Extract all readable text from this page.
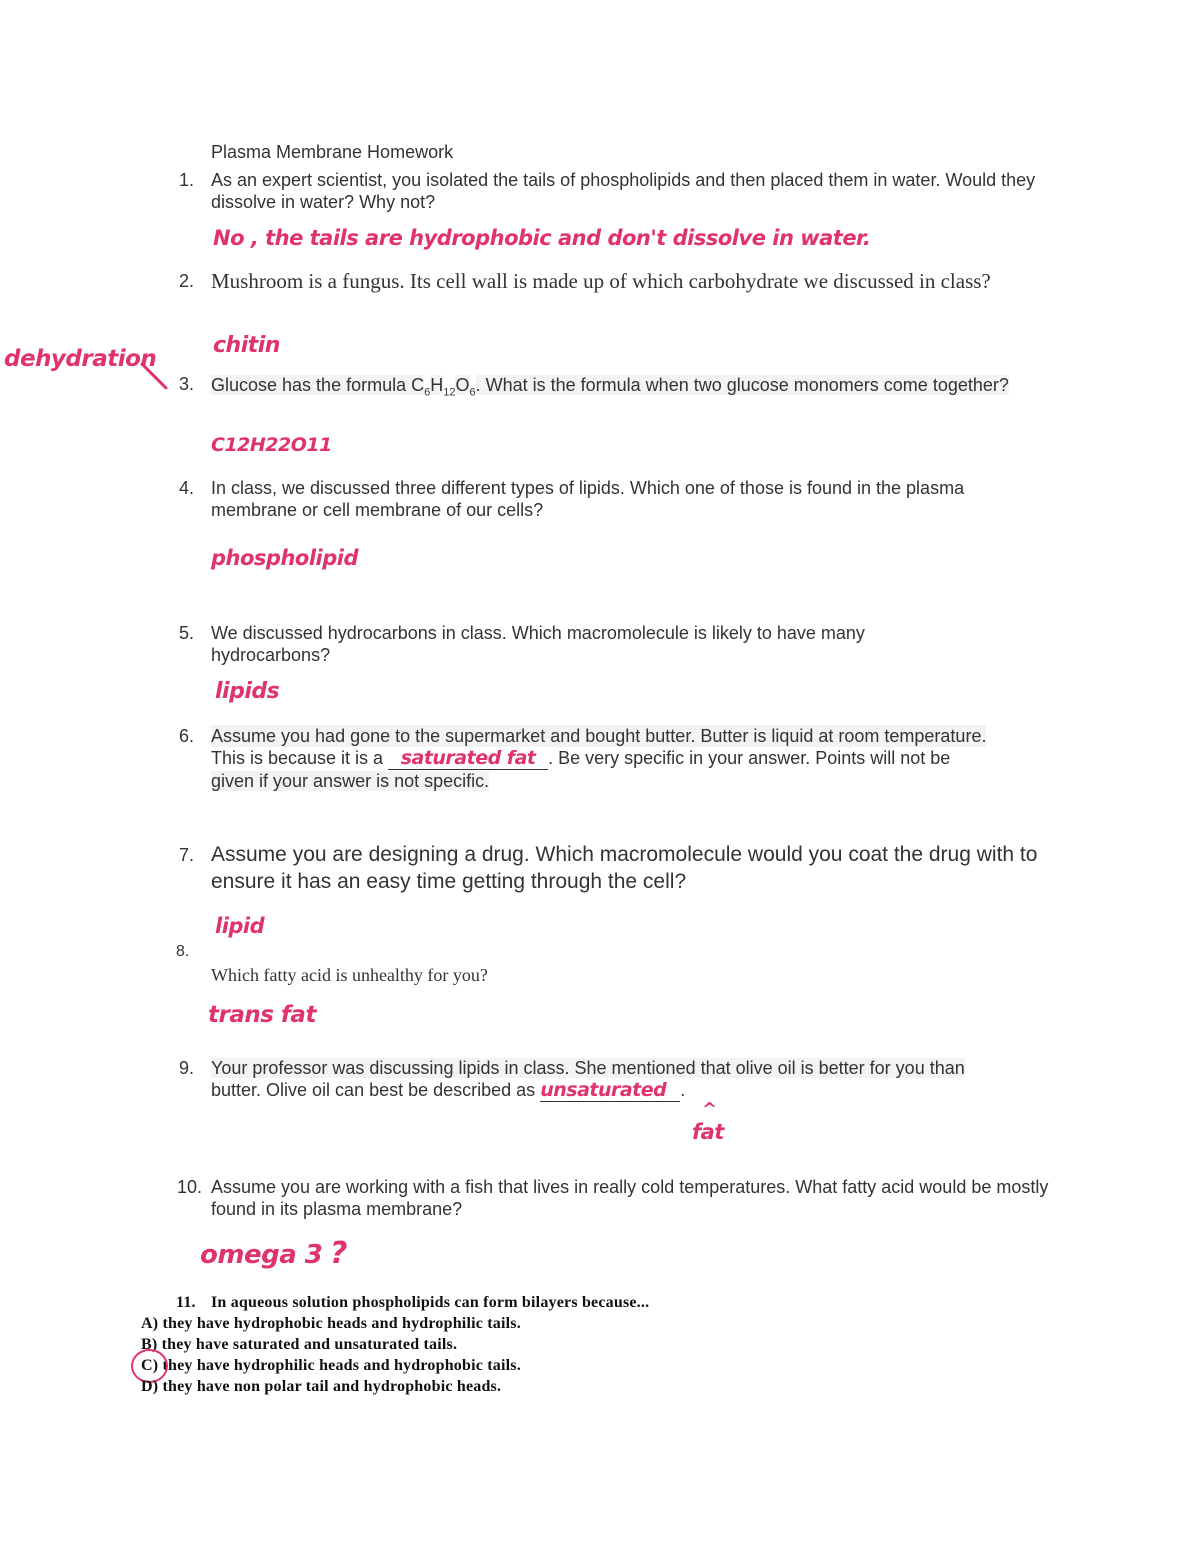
Plasma Membrane Homework
1. As an expert scientist, you isolated the tails of phospholipids and then placed them in water. Would they dissolve in water? Why not?
No , the tails are hydrophobic and don't dissolve in water.
2. Mushroom is a fungus. Its cell wall is made up of which carbohydrate we discussed in class?
chitin
dehydration
3. Glucose has the formula $C_6H_{12}O_6$. What is the formula when two glucose monomers come together?
C12H22O11
4. In class, we discussed three different types of lipids. Which one of those is found in the plasma membrane or cell membrane of our cells?
phospholipid
5. We discussed hydrocarbons in class. Which macromolecule is likely to have many hydrocarbons?
lipids
6. Assume you had gone to the supermarket and bought butter. Butter is liquid at room temperature.
This is because it is a saturated fat . Be very specific in your answer. Points will not be
given if your answer is not specific.
7. Assume you are designing a drug. Which macromolecule would you coat the drug with to ensure it has an easy time getting through the cell?
lipid
8.
Which fatty acid is unhealthy for you?
trans fat
9. Your professor was discussing lipids in class. She mentioned that olive oil is better for you than
butter. Olive oil can best be described as unsaturated .
^
fat
10. Assume you are working with a fish that lives in really cold temperatures. What fatty acid would be mostly found in its plasma membrane?
omega 3 ?
11. In aqueous solution phospholipids can form bilayers because...
A) they have hydrophobic heads and hydrophilic tails.
B) they have saturated and unsaturated tails.
C) they have hydrophilic heads and hydrophobic tails.
D) they have non polar tail and hydrophobic heads.
